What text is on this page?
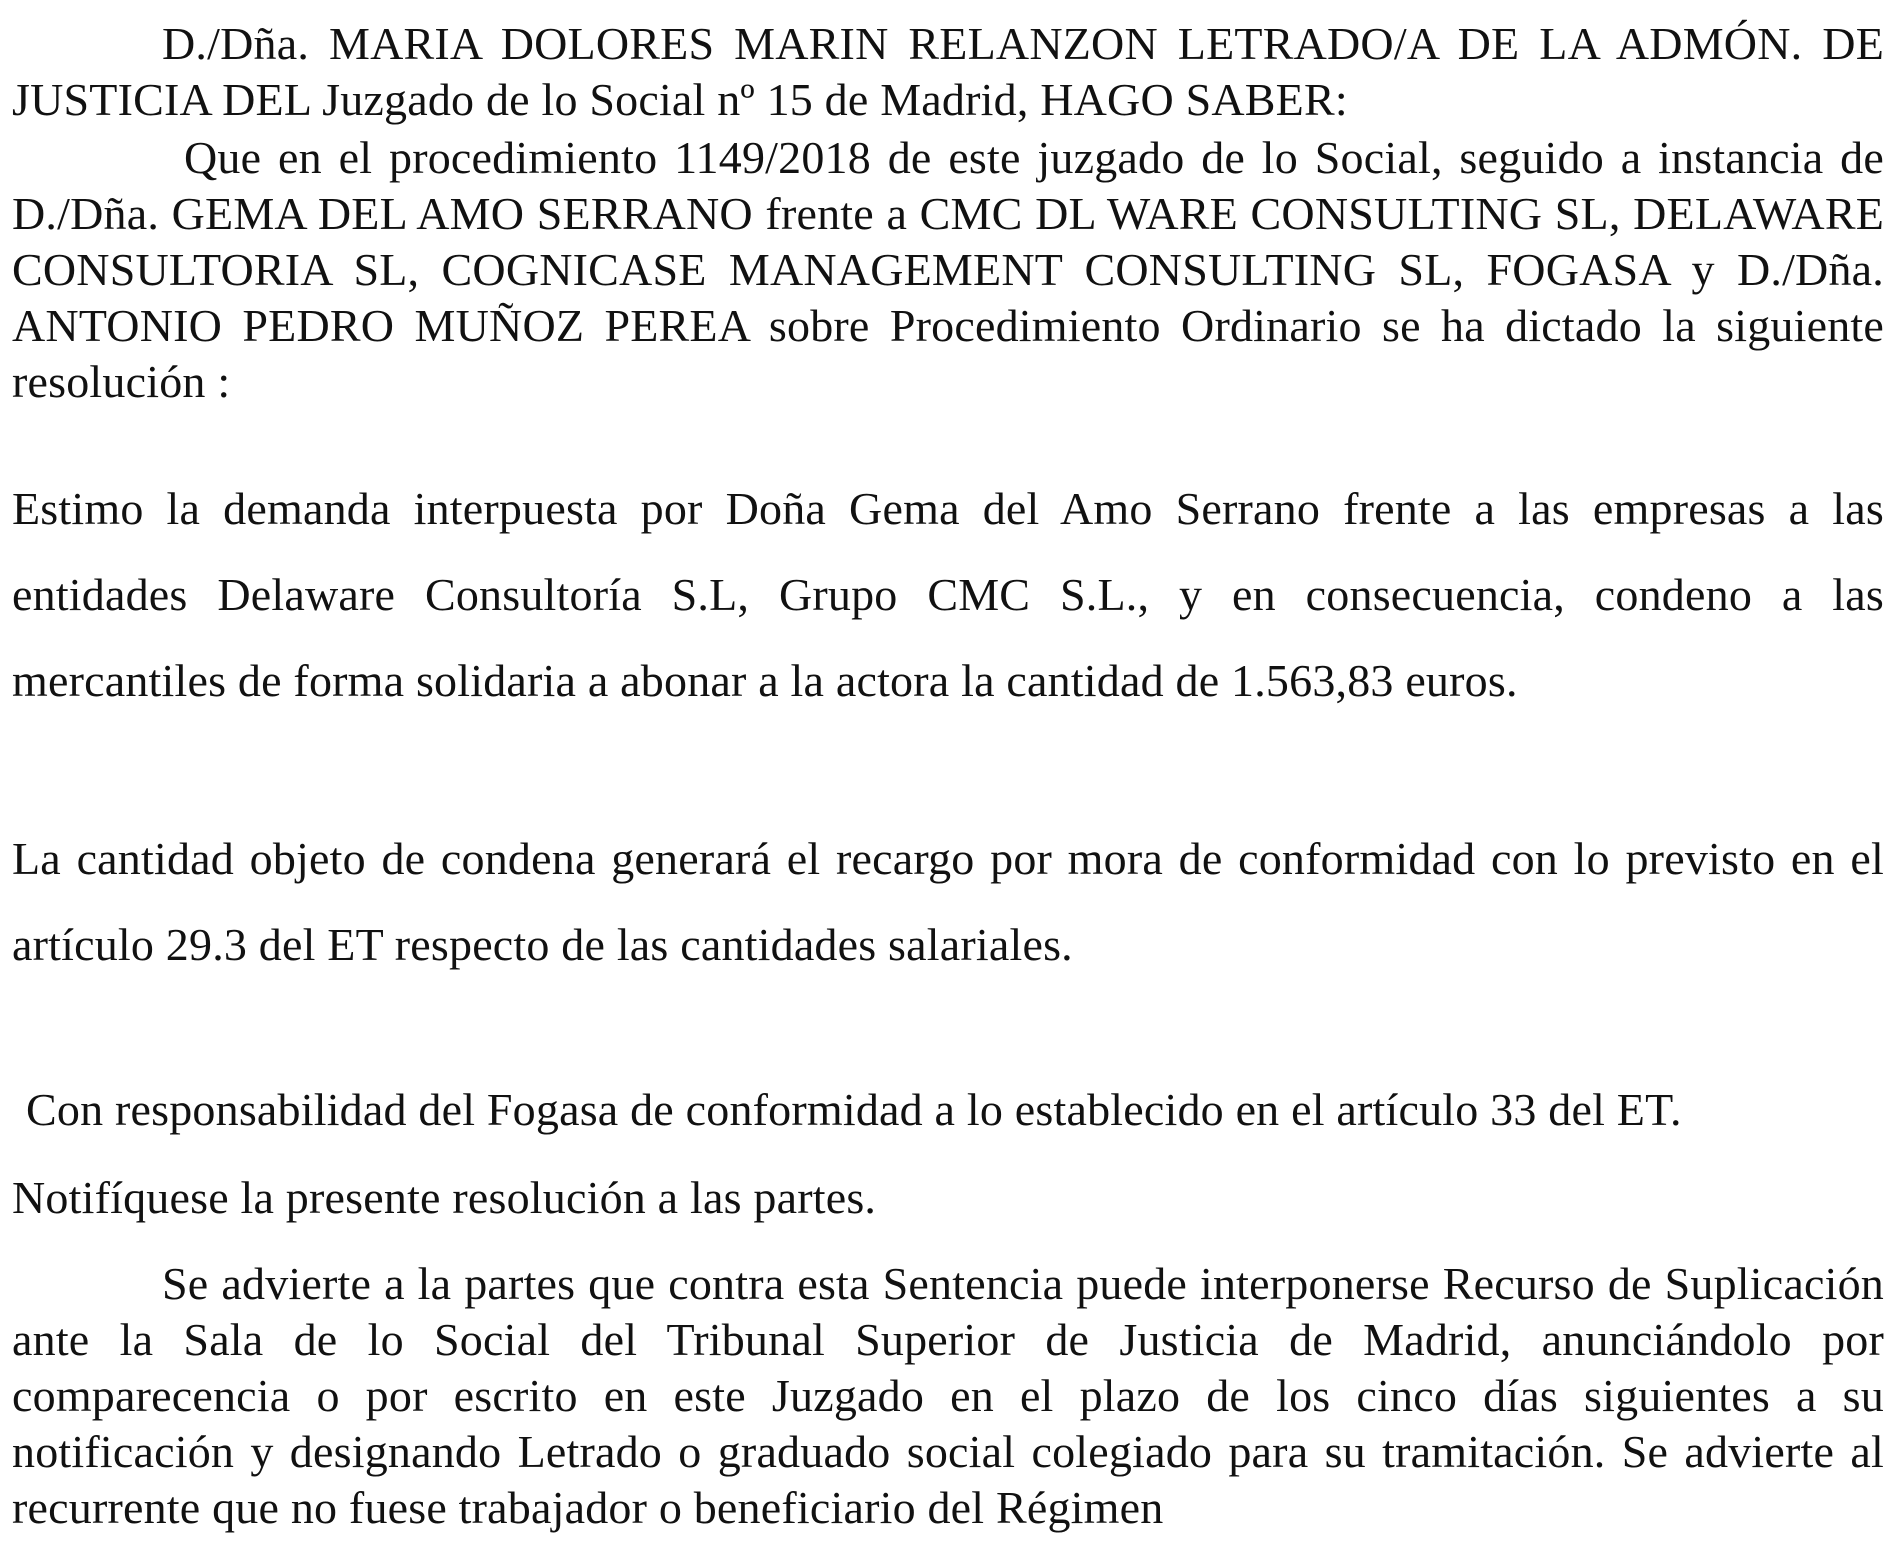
D./Dña. MARIA DOLORES MARIN RELANZON LETRADO/A DE LA ADMÓN. DE JUSTICIA DEL Juzgado de lo Social nº 15 de Madrid, HAGO SABER:

Que en el procedimiento 1149/2018 de este juzgado de lo Social, seguido a instancia de D./Dña. GEMA DEL AMO SERRANO frente a CMC DL WARE CONSULTING SL, DELAWARE CONSULTORIA SL, COGNICASE MANAGEMENT CONSULTING SL, FOGASA y D./Dña. ANTONIO PEDRO MUÑOZ PEREA sobre Procedimiento Ordinario se ha dictado la siguiente resolución :

Estimo la demanda interpuesta por Doña Gema del Amo Serrano frente a las empresas a las entidades Delaware Consultoría S.L, Grupo CMC S.L., y en consecuencia, condeno a las mercantiles de forma solidaria a abonar a la actora la cantidad de 1.563,83 euros.

La cantidad objeto de condena generará el recargo por mora de conformidad con lo previsto en el artículo 29.3 del ET respecto de las cantidades salariales.

Con responsabilidad del Fogasa de conformidad a lo establecido en el artículo 33 del ET.

Notifíquese la presente resolución a las partes.

Se advierte a la partes que contra esta Sentencia puede interponerse Recurso de Suplicación ante la Sala de lo Social del Tribunal Superior de Justicia de Madrid, anunciándolo por comparecencia o por escrito en este Juzgado en el plazo de los cinco días siguientes a su notificación y designando Letrado o graduado social colegiado para su tramitación. Se advierte al recurrente que no fuese trabajador o beneficiario del Régimen
